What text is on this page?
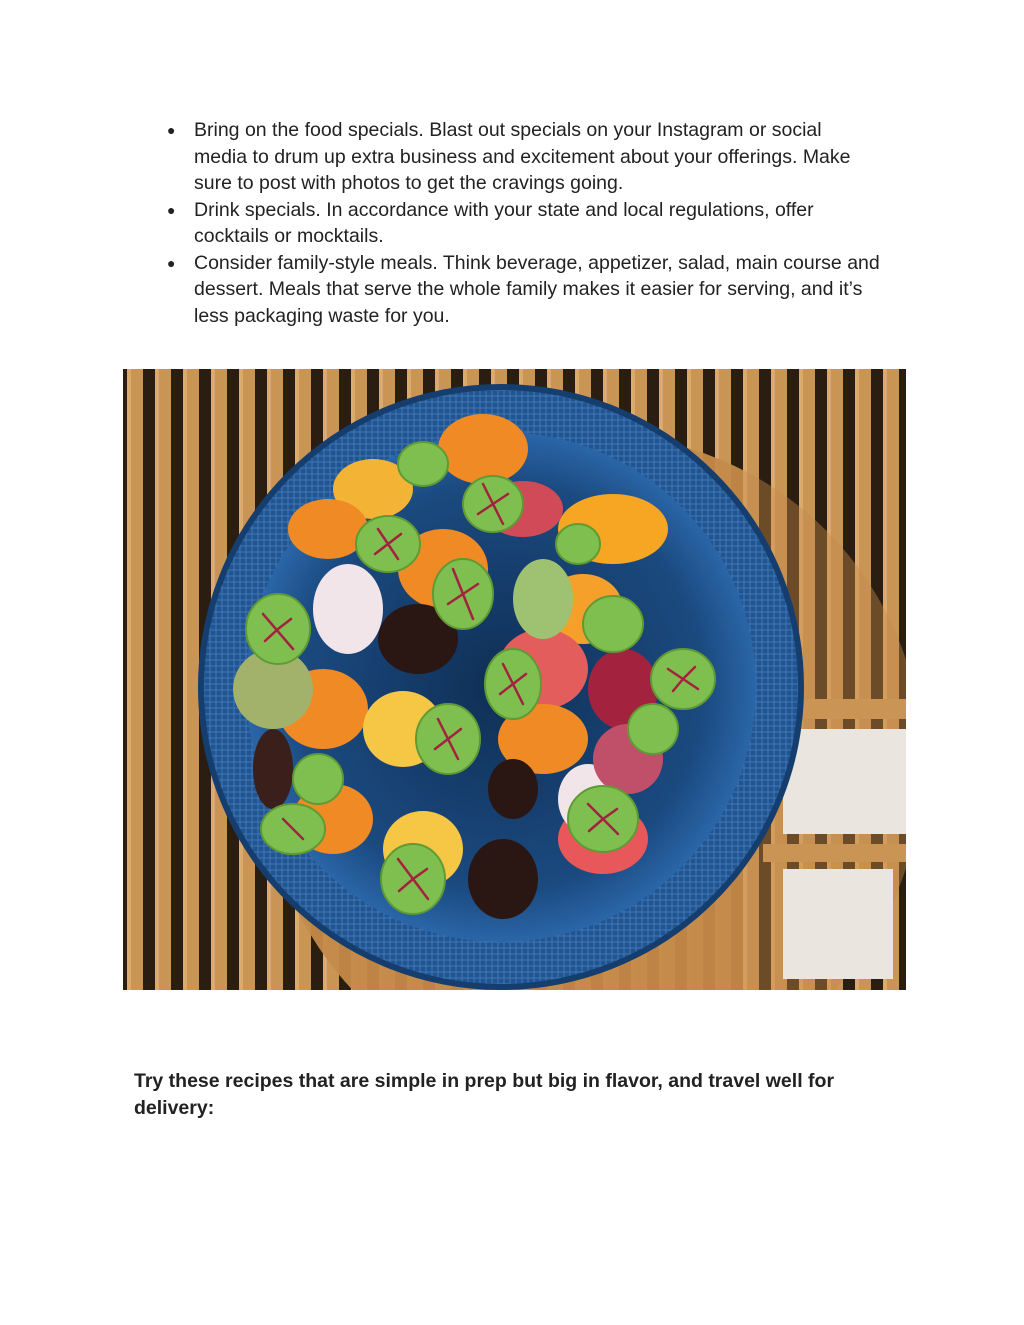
● Bring on the food specials. Blast out specials on your Instagram or social media to drum up extra business and excitement about your offerings. Make sure to post with photos to get the cravings going.
● Drink specials. In accordance with your state and local regulations, offer cocktails or mocktails.
● Consider family-style meals. Think beverage, appetizer, salad, main course and dessert. Meals that serve the whole family makes it easier for serving, and it’s less packaging waste for you.

Try these recipes that are simple in prep but big in flavor, and travel well for delivery:
